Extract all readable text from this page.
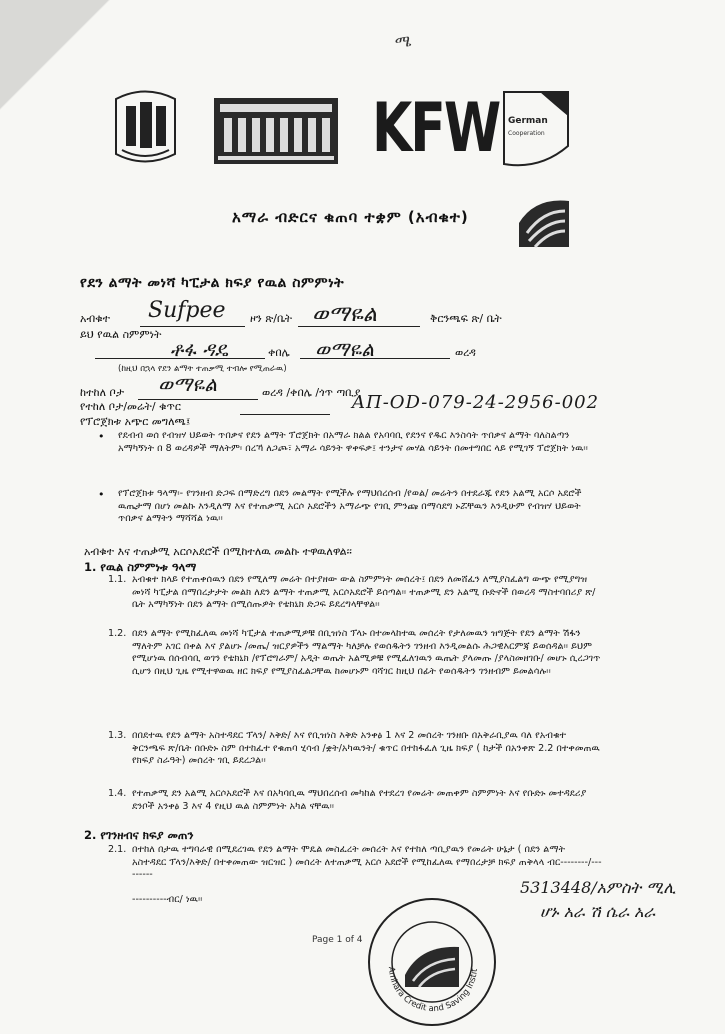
ሜ
KFW German
Cooperation
አማራ ብድርና ቁጠባ ተቋም (አብቁተ)
የደን ልማት መነሻ ካፒታል ክፍያ የዉል ስምምነት
አብቁተ Sufpee ዞን ጽ/ቤት ወማዬል	ቅርንጫፍ ጽ/ ቤት
ይህ የዉል ስምምነት
ቶፋ ዳዴ	ቀበሌ ወማዬል	ወረዳ
(ከዚህ በኋላ የደን ልማት ተጠቃሚ ተብሎ የሚጠራዉ)
ከተከለ ቦታ ወማዬል	ወረዳ /ቀበሌ /ጎጥ ጣቢያ
የተከለ ቦታ/መሬት/ ቁጥር	AП-OD-079-24-2956-002
የፕሮጀክቱ አጭር መግለጫ፤
• የደብብ ወሰ የብዝሃ ህይወት ጥበቃና የደን ልማት ፕሮጀክት በአማራ ክልል የአባባቢ የደንና የዱር እንስሳት ጥበቃና ልማት ባለስልጣን አማካኝነት በ 8 ወረዳዎች ማለትም፡ በረኻ ለጋጮ፣ አማራ ሳይንት ዋቀፍቃ፤ ተንታና መሃል ሳይንት በመተግበር ላይ የሚገኝ ፕሮጀክት ነዉ፡፡
• የፕሮጀክቱ ዓላማ፡- የገንዘብ ድጋፍ በማድረግ በደን መልማት የሚችሉ የማህበረሰብ /የወል/ መሬትን በተደራጁ የደን አልሚ አርሶ አደሮች ዉጤታማ በሆነ መልኩ እንዲለማ እና የተጠቃሚ አርሶ አደሮችን አማራጭ የገቢ ምንጩ በማሳደግ ኑሯቸዉን እንዲሁም የብዝሃ ህይወት ጥበቃና ልማትን ማሻሻል ነዉ፡፡
አብቁተ እና ተጠቃሚ አርሶአደሮች በሚከተለዉ መልኩ ተዋዉለዋል፡፡
1. የዉል ስምምነቱ ዓላማ
1.1. አብቁተ ክላይ የተጠቀሰዉን በደን የሚለማ መሬት በተያዘው ውል ስምምነት መሰረት፤ በደን ለመሸፈን ለሚያስፈልግ ውጭ የሚያግዝ መነሻ ካፒታል በማበረታታት መልክ ለደን ልማት ተጠቃሚ አርሶአደሮች ይሰጣል፡፡ ተጠቃሚ ደን አልሚ ቡድኖች በወረዳ ማስተባበሪያ ጽ/ ቤት አማካኝነት በደን ልማት በሚሰጡዎት የቴክኒክ ድጋፍ ይደረግላቸዋል፡፡
1.2. በደን ልማት የሚከፈለዉ መነሻ ካፒታል ተጠቃሚዎቹ በቢዝነስ ፕላኑ በተመላከተዉ መሰረት የታለመዉን ዝግጅት የደን ልማት ሽፋን ማለትም አገር በቀል እና ያልሆኑ /መጤ/ ዝርያዎችን ማልማት ካለቻሉ የወሰዱትን ገንዘብ እንዲመልሱ ሕጋዊእርምጃ ይወሰዳል፡፡ ይህም የሚሆነዉ በሰብሳቢ ወገን የቴክኒክ /የፕሮግራም/ አዲት ወጤት አልሚዎቹ የሚፈለገዉን ዉጤት ያላመጡ /ያላስመዘገቡ/ መሆኑ ሲረጋገጥ ሲሆን በዚህ ጊዜ የሚተዋወዉ ዘር ክፍያ የሚያስፈልጋቸዉ ከመሆኑም ባሻገር ከዚህ በፊት የወሰዱትን ገንዘብም ይመልሳሉ፡፡
1.3. በበደተዉ የደን ልማት አስተዳደር ፕላን/ እቅድ/ እና የቢዝነስ እቅድ አንቀፅ 1 እና 2 መሰረት ገንዘቡ በአቅራቢያዉ ባለ የአብቁተ ቅርንጫፍ ጽ/ቤት በቡድኑ ስም በተከፈተ የቁጠባ ሂሳብ /ቋት/አካዉንት/ ቁጥር በተከፋፈለ ጊዜ ክፍያ ( ከታች በአንቀጽ 2.2 በተቀመጠዉ የክፍያ ስራዓት) መሰረት ገቢ ይደረጋል፡፡
1.4. የተጠቃሚ ደን አልሚ አርሶአደሮች እና በአካባቢዉ ማህበረሰብ መካከል የተደረገ የመሬት መጠቀም ስምምነት እና የቡድኑ መተዳደሪያ ደንቦች አንቀፅ 3 እና 4 የዚህ ዉል ስምምነት አካል ናቸዉ፡፡
2. የገንዘብና ክፍያ መጠን
2.1. በተከለ በታዉ ተግባራዊ በሚደረገዉ የደን ልማት ሞዴል መስፈረት መሰረት እና የተከለ ጣቢያዉን የመሬት ሁኔታ ( በደን ልማት አስተዳደር ፕላን/እቅድ/ በተቀመጠው ዝርዝር ) መሰረት ለተጠቃሚ አርሶ አደሮች የሚከፈለዉ የማበረታቻ ክፍያ ጠቅላላ ብር--------/---------
----------ብር/ ነዉ፡፡
5313448/አምስት ሚሊ
ሆኑ አራ ሽ ሴራ አራ
Page 1 of 4
Amhara Credit and Saving Instit
